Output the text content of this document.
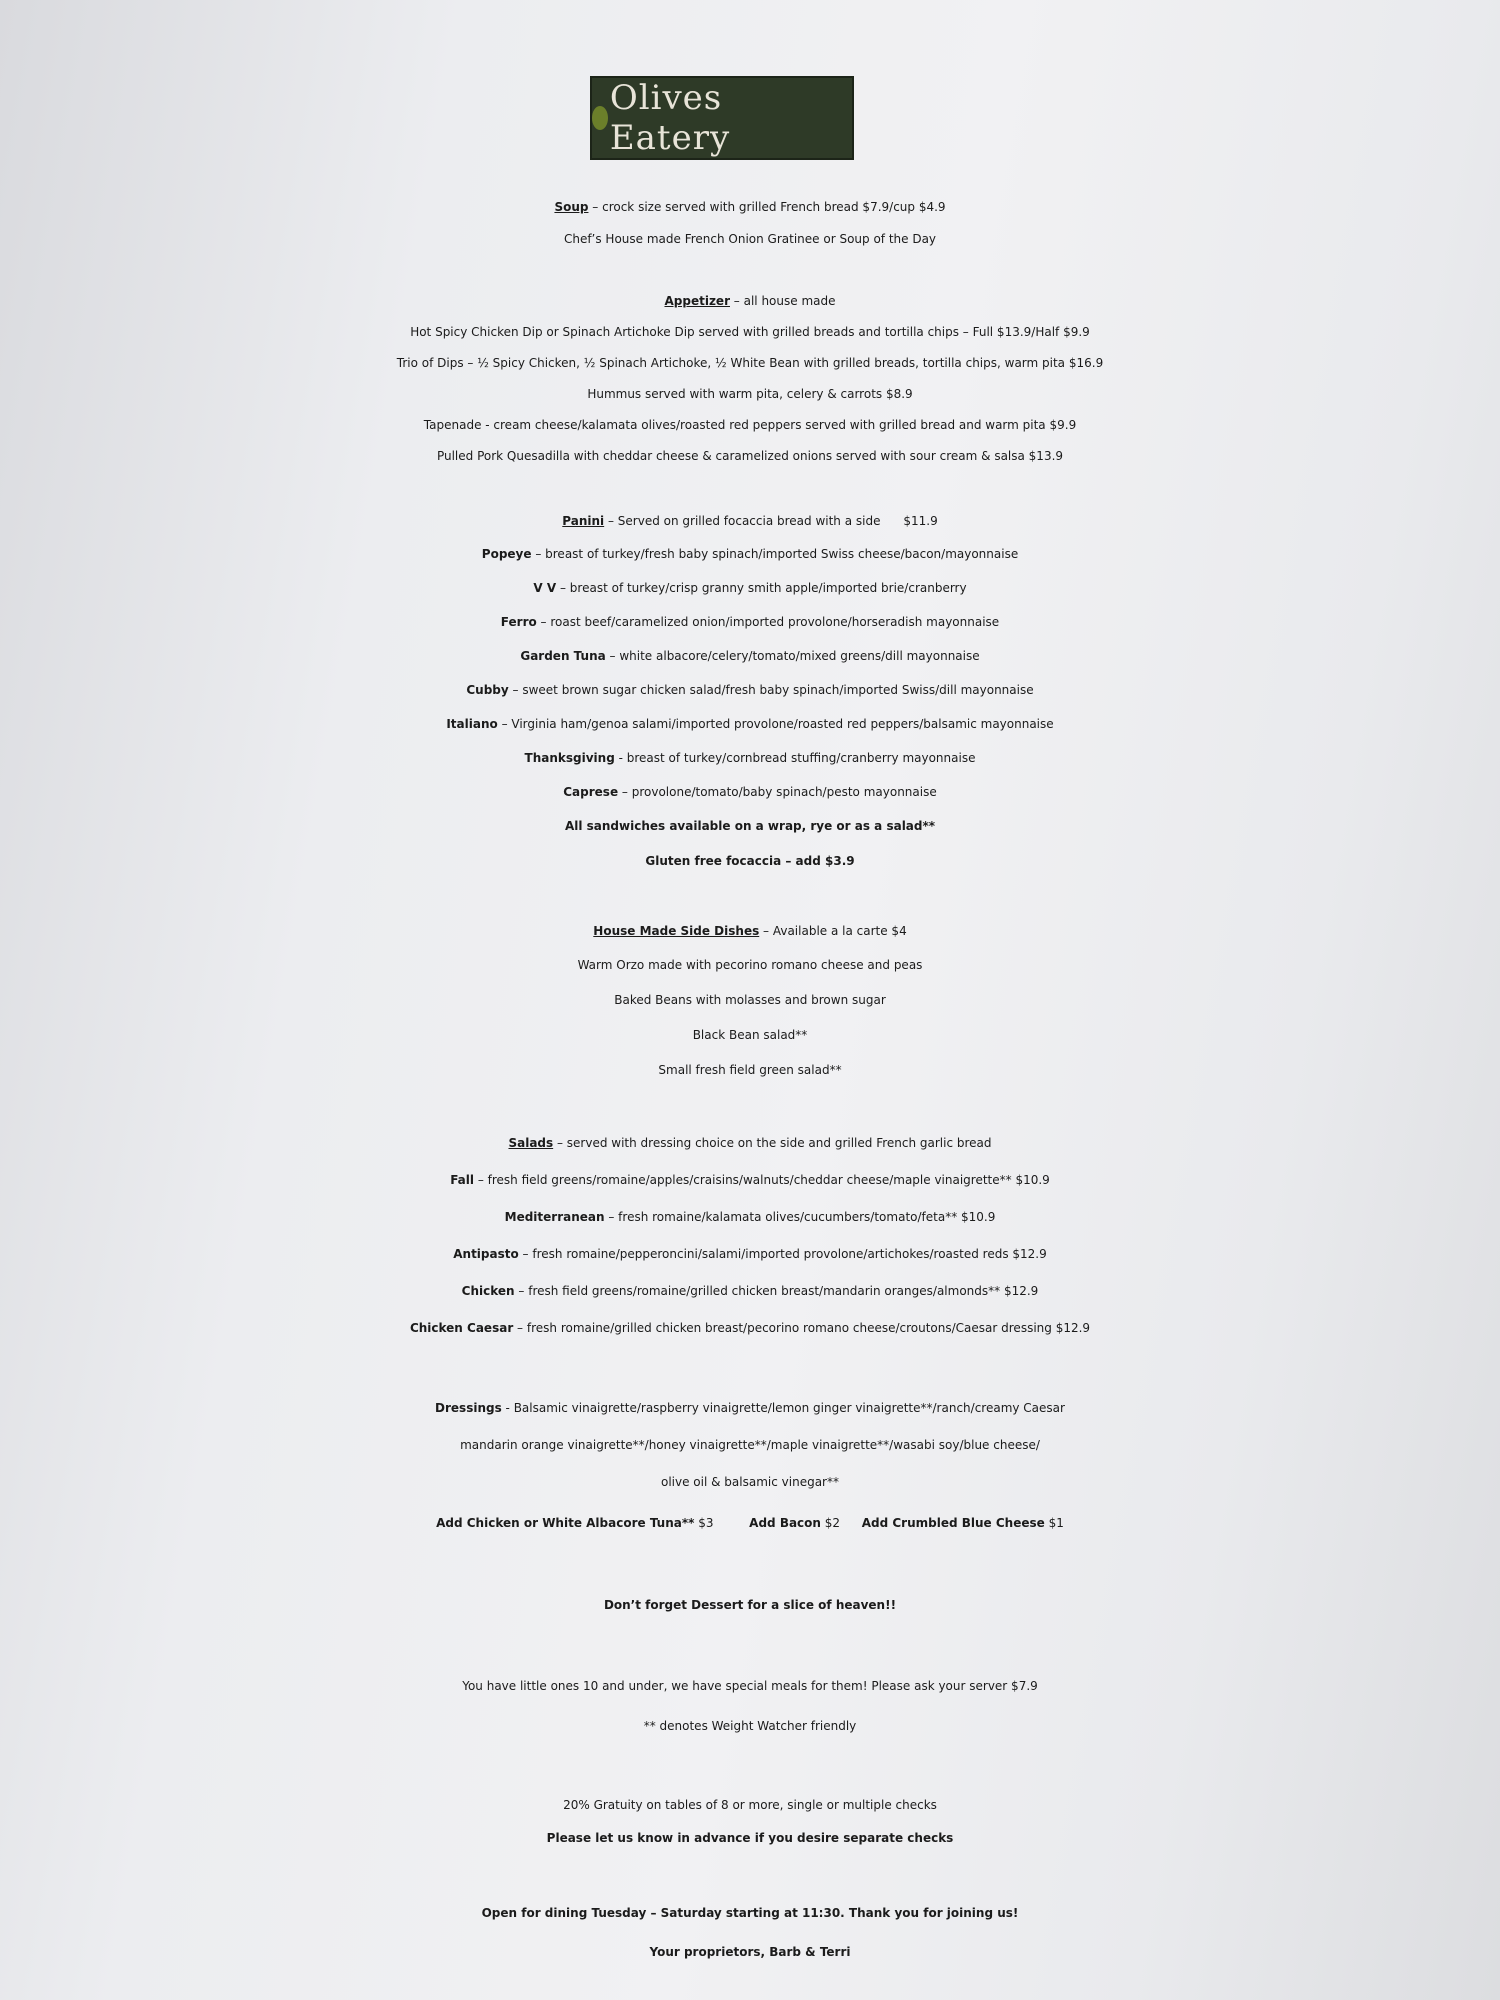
Olives Eatery
Soup – crock size served with grilled French bread $7.9/cup $4.9
Chef’s House made French Onion Gratinee or Soup of the Day
Appetizer – all house made
Hot Spicy Chicken Dip or Spinach Artichoke Dip served with grilled breads and tortilla chips – Full $13.9/Half $9.9
Trio of Dips – ½ Spicy Chicken, ½ Spinach Artichoke, ½ White Bean with grilled breads, tortilla chips, warm pita $16.9
Hummus served with warm pita, celery & carrots $8.9
Tapenade - cream cheese/kalamata olives/roasted red peppers served with grilled bread and warm pita $9.9
Pulled Pork Quesadilla with cheddar cheese & caramelized onions served with sour cream & salsa $13.9
Panini – Served on grilled focaccia bread with a side      $11.9
Popeye – breast of turkey/fresh baby spinach/imported Swiss cheese/bacon/mayonnaise
V V – breast of turkey/crisp granny smith apple/imported brie/cranberry
Ferro – roast beef/caramelized onion/imported provolone/horseradish mayonnaise
Garden Tuna – white albacore/celery/tomato/mixed greens/dill mayonnaise
Cubby – sweet brown sugar chicken salad/fresh baby spinach/imported Swiss/dill mayonnaise
Italiano – Virginia ham/genoa salami/imported provolone/roasted red peppers/balsamic mayonnaise
Thanksgiving - breast of turkey/cornbread stuffing/cranberry mayonnaise
Caprese – provolone/tomato/baby spinach/pesto mayonnaise
All sandwiches available on a wrap, rye or as a salad**
Gluten free focaccia – add $3.9
House Made Side Dishes – Available a la carte $4
Warm Orzo made with pecorino romano cheese and peas
Baked Beans with molasses and brown sugar
Black Bean salad**
Small fresh field green salad**
Salads – served with dressing choice on the side and grilled French garlic bread
Fall – fresh field greens/romaine/apples/craisins/walnuts/cheddar cheese/maple vinaigrette** $10.9
Mediterranean – fresh romaine/kalamata olives/cucumbers/tomato/feta** $10.9
Antipasto – fresh romaine/pepperoncini/salami/imported provolone/artichokes/roasted reds $12.9
Chicken – fresh field greens/romaine/grilled chicken breast/mandarin oranges/almonds** $12.9
Chicken Caesar – fresh romaine/grilled chicken breast/pecorino romano cheese/croutons/Caesar dressing $12.9
Dressings - Balsamic vinaigrette/raspberry vinaigrette/lemon ginger vinaigrette**/ranch/creamy Caesar
mandarin orange vinaigrette**/honey vinaigrette**/maple vinaigrette**/wasabi soy/blue cheese/
olive oil & balsamic vinegar**
Add Chicken or White Albacore Tuna** $3	Add Bacon $2 Add Crumbled Blue Cheese $1
Don’t forget Dessert for a slice of heaven!!
You have little ones 10 and under, we have special meals for them! Please ask your server $7.9
** denotes Weight Watcher friendly
20% Gratuity on tables of 8 or more, single or multiple checks
Please let us know in advance if you desire separate checks
Open for dining Tuesday – Saturday starting at 11:30. Thank you for joining us!
Your proprietors, Barb & Terri
